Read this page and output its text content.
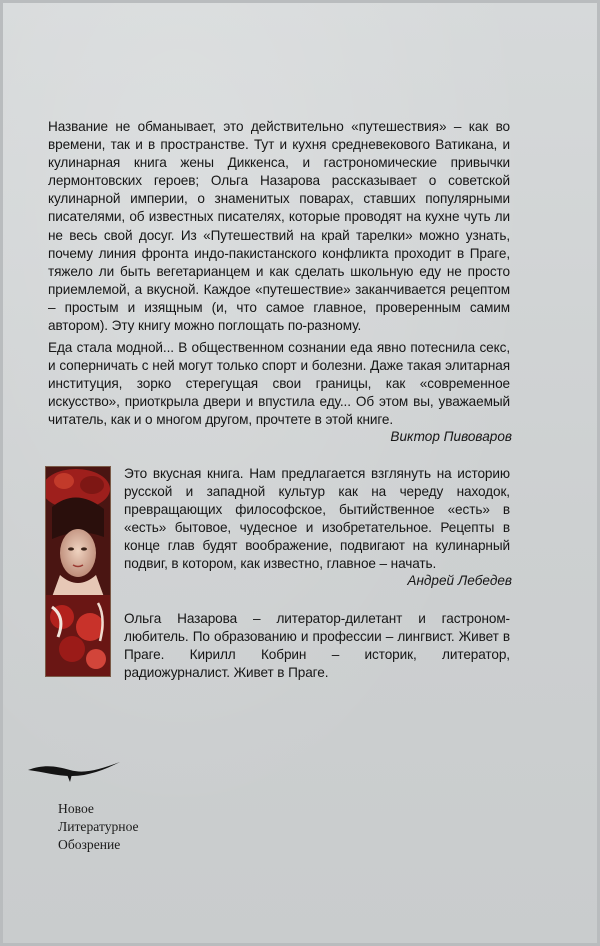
Название не обманывает, это действительно «путешествия» – как во времени, так и в пространстве. Тут и кухня средневекового Ватикана, и кулинарная книга жены Диккенса, и гастрономические привычки лермонтовских героев; Ольга Назарова рассказывает о советской кулинарной империи, о знаменитых поварах, ставших популярными писателями, об известных писателях, которые проводят на кухне чуть ли не весь свой досуг. Из «Путешествий на край тарелки» можно узнать, почему линия фронта индо-пакистанского конфликта проходит в Праге, тяжело ли быть вегетарианцем и как сделать школьную еду не просто приемлемой, а вкусной. Каждое «путешествие» заканчивается рецептом – простым и изящным (и, что самое главное, проверенным самим автором). Эту книгу можно поглощать по-разному.

Еда стала модной... В общественном сознании еда явно потеснила секс, и соперничать с ней могут только спорт и болезни. Даже такая элитарная институция, зорко стерегущая свои границы, как «современное искусство», приоткрыла двери и впустила еду... Об этом вы, уважаемый читатель, как и о многом другом, прочтете в этой книге.

Виктор Пивоваров

Это вкусная книга. Нам предлагается взглянуть на историю русской и западной культур как на череду находок, превращающих философское, бытийственное «есть» в «есть» бытовое, чудесное и изобретательное. Рецепты в конце глав будят воображение, подвигают на кулинарный подвиг, в котором, как известно, главное – начать.

Андрей Лебедев

Ольга Назарова – литератор-дилетант и гастроном-любитель. По образованию и профессии – лингвист. Живет в Праге. Кирилл Кобрин – историк, литератор, радиожурналист. Живет в Праге.

Новое
Литературное
Обозрение
